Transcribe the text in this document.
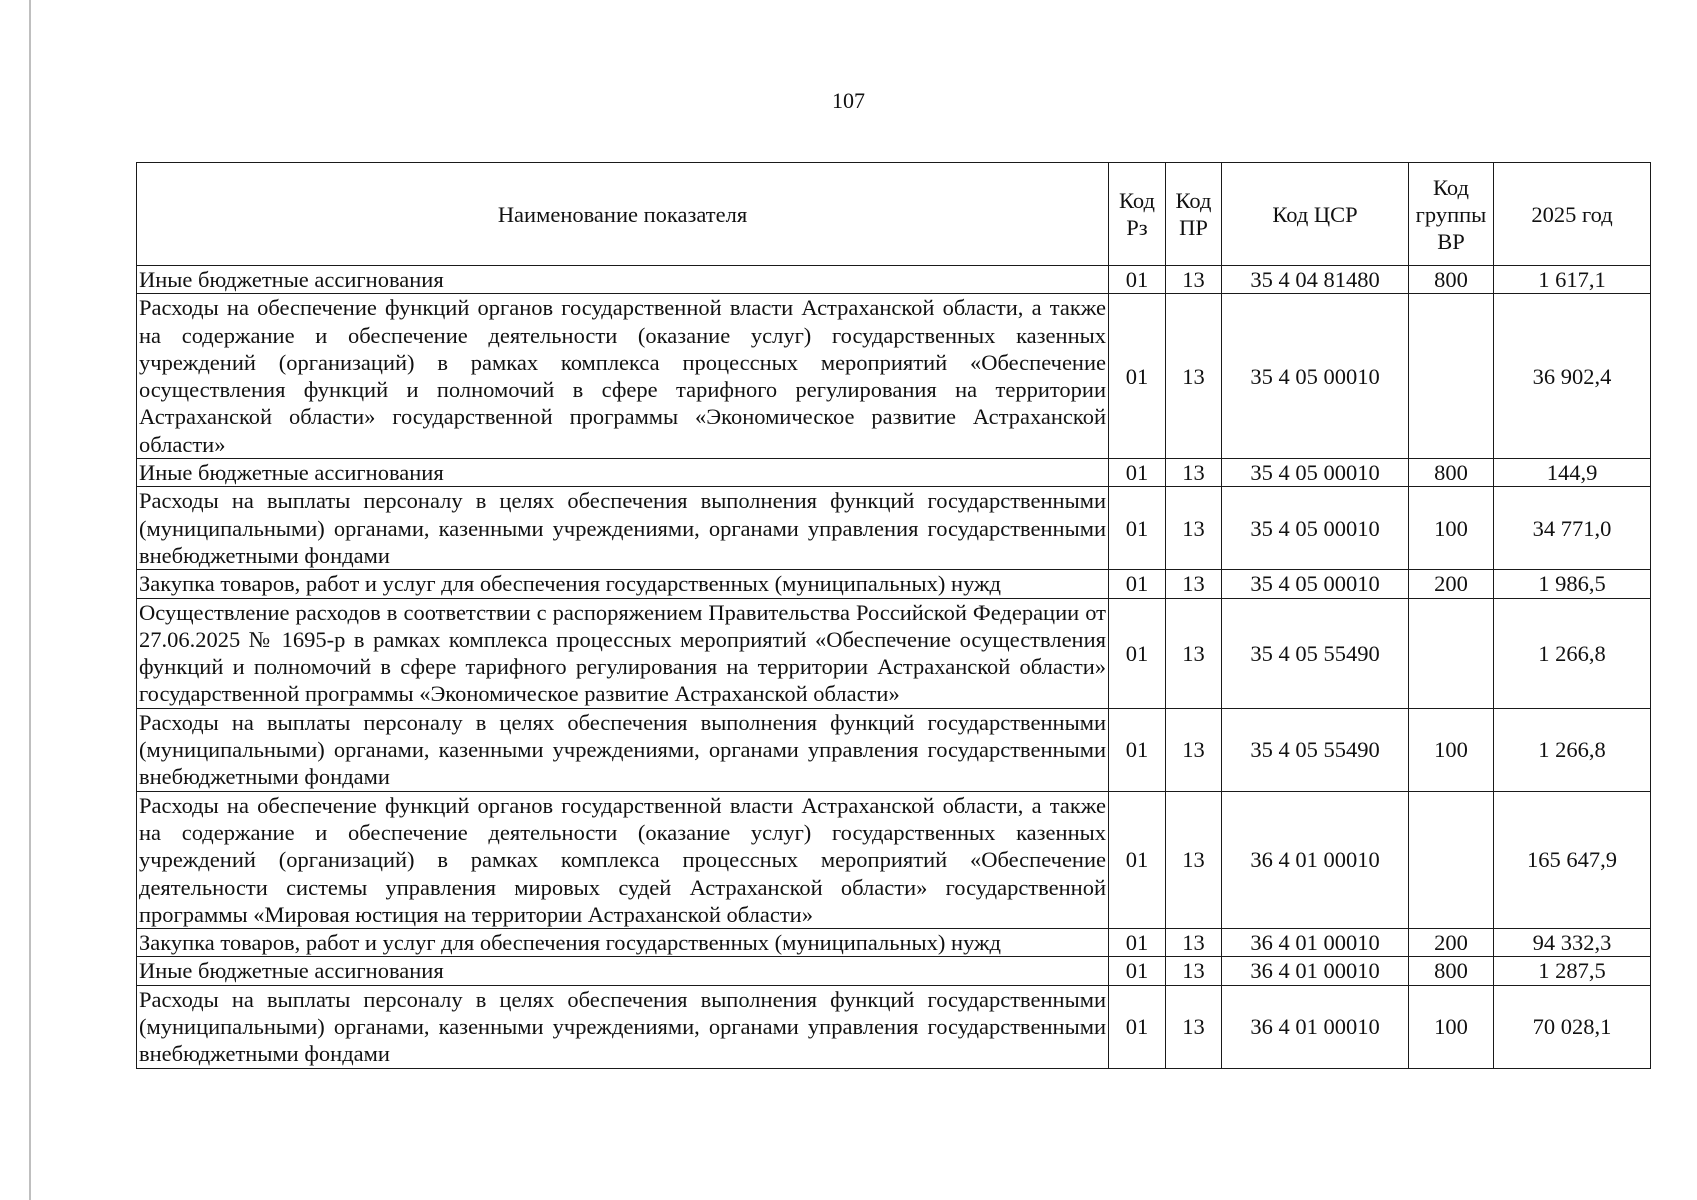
107
Наименование показателя	Код Рз	Код ПР	Код ЦСР	Код группы ВР	2025 год
Иные бюджетные ассигнования	01	13	35 4 04 81480	800	1 617,1
Расходы на обеспечение функций органов государственной власти Астраханской области, а также на содержание и обеспечение деятельности (оказание услуг) государственных казенных учреждений (организаций) в рамках комплекса процессных мероприятий «Обеспечение осуществления функций и полномочий в сфере тарифного регулирования на территории Астраханской области» государственной программы «Экономическое развитие Астраханской области»	01	13	35 4 05 00010		36 902,4
Иные бюджетные ассигнования	01	13	35 4 05 00010	800	144,9
Расходы на выплаты персоналу в целях обеспечения выполнения функций государственными (муниципальными) органами, казенными учреждениями, органами управления государственными внебюджетными фондами	01	13	35 4 05 00010	100	34 771,0
Закупка товаров, работ и услуг для обеспечения государственных (муниципальных) нужд	01	13	35 4 05 00010	200	1 986,5
Осуществление расходов в соответствии с распоряжением Правительства Российской Федерации от 27.06.2025 № 1695-р в рамках комплекса процессных мероприятий «Обеспечение осуществления функций и полномочий в сфере тарифного регулирования на территории Астраханской области» государственной программы «Экономическое развитие Астраханской области»	01	13	35 4 05 55490		1 266,8
Расходы на выплаты персоналу в целях обеспечения выполнения функций государственными (муниципальными) органами, казенными учреждениями, органами управления государственными внебюджетными фондами	01	13	35 4 05 55490	100	1 266,8
Расходы на обеспечение функций органов государственной власти Астраханской области, а также на содержание и обеспечение деятельности (оказание услуг) государственных казенных учреждений (организаций) в рамках комплекса процессных мероприятий «Обеспечение деятельности системы управления мировых судей Астраханской области» государственной программы «Мировая юстиция на территории Астраханской области»	01	13	36 4 01 00010		165 647,9
Закупка товаров, работ и услуг для обеспечения государственных (муниципальных) нужд	01	13	36 4 01 00010	200	94 332,3
Иные бюджетные ассигнования	01	13	36 4 01 00010	800	1 287,5
Расходы на выплаты персоналу в целях обеспечения выполнения функций государственными (муниципальными) органами, казенными учреждениями, органами управления государственными внебюджетными фондами	01	13	36 4 01 00010	100	70 028,1
